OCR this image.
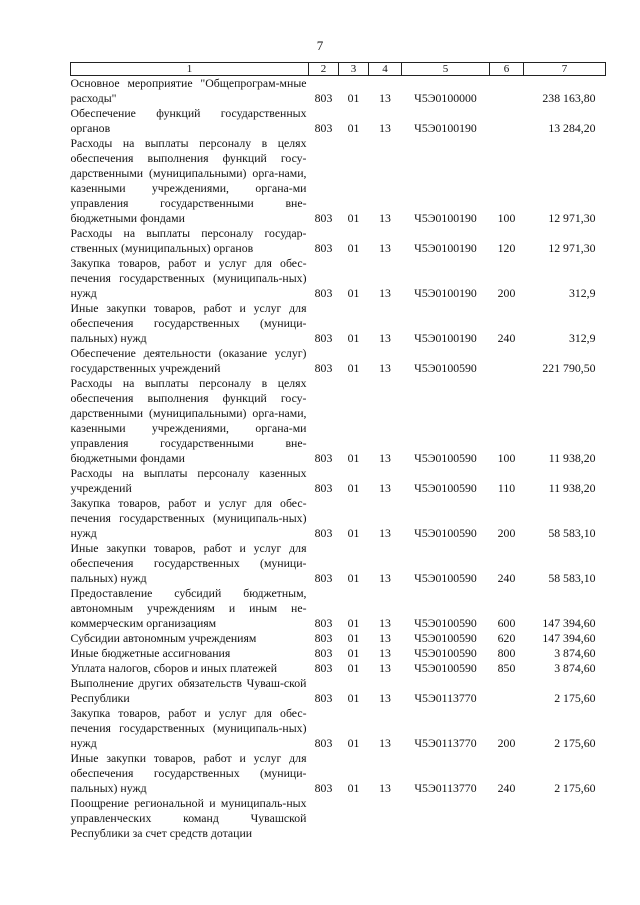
7
1	2	3	4	5	6	7
Основное мероприятие "Общепрограм-мные расходы"	803	01	13	Ч5Э0100000		238 163,80
Обеспечение функций государственных органов	803	01	13	Ч5Э0100190		13 284,20
Расходы на выплаты персоналу в целях обеспечения выполнения функций госу-дарственными (муниципальными) орга-нами, казенными учреждениями, органа-ми управления государственными вне-бюджетными фондами	803	01	13	Ч5Э0100190	100	12 971,30
Расходы на выплаты персоналу государ-ственных (муниципальных) органов	803	01	13	Ч5Э0100190	120	12 971,30
Закупка товаров, работ и услуг для обес-печения государственных (муниципаль-ных) нужд	803	01	13	Ч5Э0100190	200	312,9
Иные закупки товаров, работ и услуг для обеспечения государственных (муници-пальных) нужд	803	01	13	Ч5Э0100190	240	312,9
Обеспечение деятельности (оказание услуг) государственных учреждений	803	01	13	Ч5Э0100590		221 790,50
Расходы на выплаты персоналу в целях обеспечения выполнения функций госу-дарственными (муниципальными) орга-нами, казенными учреждениями, органа-ми управления государственными вне-бюджетными фондами	803	01	13	Ч5Э0100590	100	11 938,20
Расходы на выплаты персоналу казенных учреждений	803	01	13	Ч5Э0100590	110	11 938,20
Закупка товаров, работ и услуг для обес-печения государственных (муниципаль-ных) нужд	803	01	13	Ч5Э0100590	200	58 583,10
Иные закупки товаров, работ и услуг для обеспечения государственных (муници-пальных) нужд	803	01	13	Ч5Э0100590	240	58 583,10
Предоставление субсидий бюджетным, автономным учреждениям и иным не-коммерческим организациям	803	01	13	Ч5Э0100590	600	147 394,60
Субсидии автономным учреждениям	803	01	13	Ч5Э0100590	620	147 394,60
Иные бюджетные ассигнования	803	01	13	Ч5Э0100590	800	3 874,60
Уплата налогов, сборов и иных платежей	803	01	13	Ч5Э0100590	850	3 874,60
Выполнение других обязательств Чуваш-ской Республики	803	01	13	Ч5Э0113770		2 175,60
Закупка товаров, работ и услуг для обес-печения государственных (муниципаль-ных) нужд	803	01	13	Ч5Э0113770	200	2 175,60
Иные закупки товаров, работ и услуг для обеспечения государственных (муници-пальных) нужд	803	01	13	Ч5Э0113770	240	2 175,60
Поощрение региональной и муниципаль-ных управленческих команд Чувашской Республики за счет средств дотации						
